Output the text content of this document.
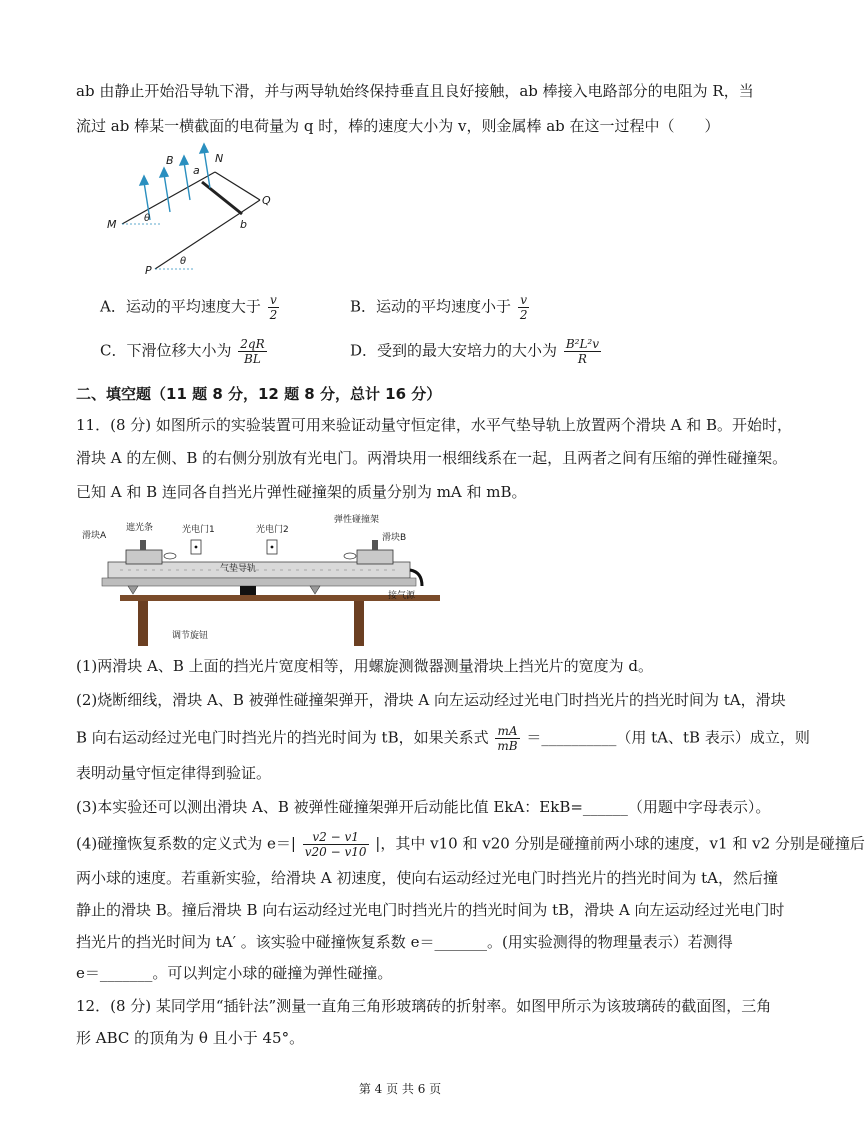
ab 由静止开始沿导轨下滑，并与两导轨始终保持垂直且良好接触，ab 棒接入电路部分的电阻为 R，当
流过 ab 棒某一横截面的电荷量为 q 时，棒的速度大小为 v，则金属棒 ab 在这一过程中（　　）
B
a
N
Q
M	b
P
θ
θ
A．运动的平均速度大于 $\frac{v}{2}$	B．运动的平均速度小于 $\frac{v}{2}$
C．下滑位移大小为 $\frac{2qR}{BL}$	D．受到的最大安培力的大小为 $\frac{\text{B²L²v}}{R}$
二、填空题（11 题 8 分，12 题 8 分，总计 16 分）
11．(8 分) 如图所示的实验装置可用来验证动量守恒定律，水平气垫导轨上放置两个滑块 A 和 B。开始时，
滑块 A 的左侧、B 的右侧分别放有光电门。两滑块用一根细线系在一起，且两者之间有压缩的弹性碰撞架。
已知 A 和 B 连同各自挡光片弹性碰撞架的质量分别为 mA 和 mB。
滑块A
遮光条	光电门1	光电门2
弹性碰撞架
滑块B
气垫导轨
接气源
调节旋钮
(1)两滑块 A、B 上面的挡光片宽度相等，用螺旋测微器测量滑块上挡光片的宽度为 d。
(2)烧断细线，滑块 A、B 被弹性碰撞架弹开，滑块 A 向左运动经过光电门时挡光片的挡光时间为 tA，滑块
B 向右运动经过光电门时挡光片的挡光时间为 tB，如果关系式 $\frac{mA}{mB}$ ＝__________（用 tA、tB 表示）成立，则
表明动量守恒定律得到验证。
(3)本实验还可以测出滑块 A、B 被弹性碰撞架弹开后动能比值 EkA：EkB=______（用题中字母表示）。
(4)碰撞恢复系数的定义式为 $e=| \frac{v2 - v1}{v20 - v10}$ |，其中 v10 和 v20 分别是碰撞前两小球的速度，v1 和 v2 分别是碰撞后
两小球的速度。若重新实验，给滑块 A 初速度，使向右运动经过光电门时挡光片的挡光时间为 tA，然后撞
静止的滑块 B。撞后滑块 B 向右运动经过光电门时挡光片的挡光时间为 tB，滑块 A 向左运动经过光电门时
挡光片的挡光时间为 tA′ 。该实验中碰撞恢复系数 e＝_______。(用实验测得的物理量表示）若测得
e＝_______。可以判定小球的碰撞为弹性碰撞。
12．(8 分) 某同学用“插针法”测量一直角三角形玻璃砖的折射率。如图甲所示为该玻璃砖的截面图，三角
形 ABC 的顶角为 θ 且小于 45°。
第 4 页 共 6 页
